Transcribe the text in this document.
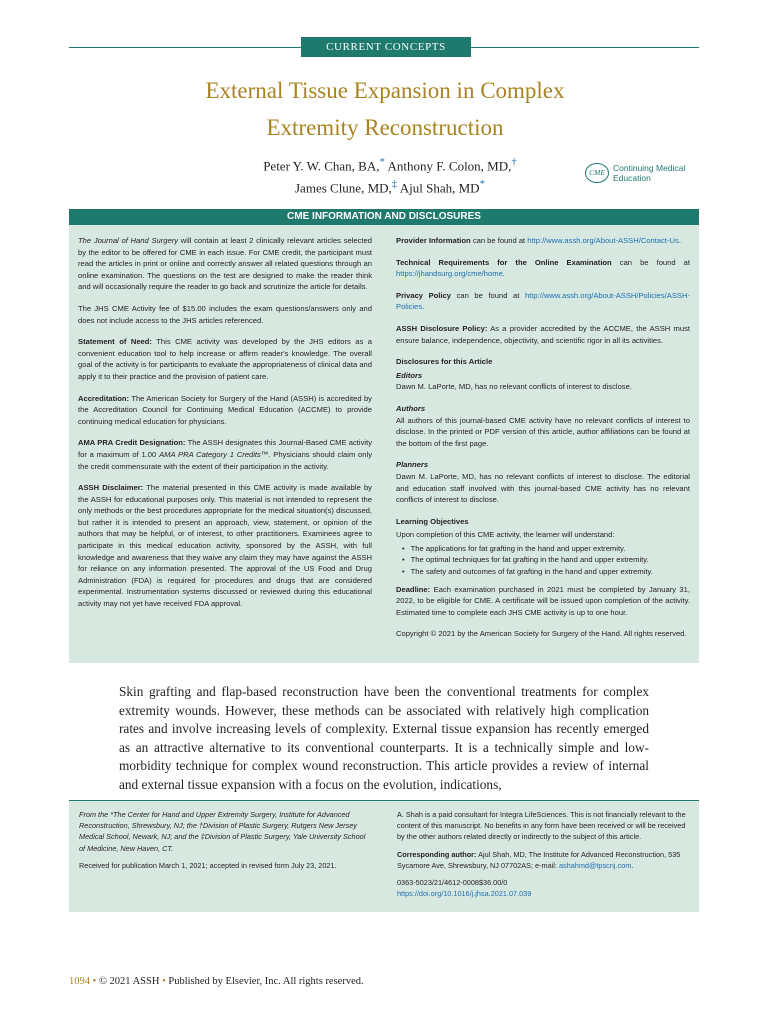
CURRENT CONCEPTS
External Tissue Expansion in Complex
Extremity Reconstruction
Peter Y. W. Chan, BA,* Anthony F. Colon, MD,†
James Clune, MD,‡ Ajul Shah, MD*
CME Continuing Medical
Education
CME INFORMATION AND DISCLOSURES

The Journal of Hand Surgery will contain at least 2 clinically relevant articles selected by the editor to be offered for CME in each issue. For CME credit, the participant must read the articles in print or online and correctly answer all related questions through an online examination. The questions on the test are designed to make the reader think and will occasionally require the reader to go back and scrutinize the article for details.

The JHS CME Activity fee of $15.00 includes the exam questions/answers only and does not include access to the JHS articles referenced.

Statement of Need: This CME activity was developed by the JHS editors as a convenient education tool to help increase or affirm reader's knowledge. The overall goal of the activity is for participants to evaluate the appropriateness of clinical data and apply it to their practice and the provision of patient care.

Accreditation: The American Society for Surgery of the Hand (ASSH) is accredited by the Accreditation Council for Continuing Medical Education (ACCME) to provide continuing medical education for physicians.

AMA PRA Credit Designation: The ASSH designates this Journal-Based CME activity for a maximum of 1.00 AMA PRA Category 1 Credits™. Physicians should claim only the credit commensurate with the extent of their participation in the activity.

ASSH Disclaimer: The material presented in this CME activity is made available by the ASSH for educational purposes only. This material is not intended to represent the only methods or the best procedures appropriate for the medical situation(s) discussed, but rather it is intended to present an approach, view, statement, or opinion of the authors that may be helpful, or of interest, to other practitioners. Examinees agree to participate in this medical education activity, sponsored by the ASSH, with full knowledge and awareness that they waive any claim they may have against the ASSH for reliance on any information presented. The approval of the US Food and Drug Administration (FDA) is required for procedures and drugs that are considered experimental. Instrumentation systems discussed or reviewed during this educational activity may not yet have received FDA approval.

Provider Information can be found at http://www.assh.org/About-ASSH/Contact-Us.

Technical Requirements for the Online Examination can be found at https://jhandsurg.org/cme/home.

Privacy Policy can be found at http://www.assh.org/About-ASSH/Policies/ASSH-Policies.

ASSH Disclosure Policy: As a provider accredited by the ACCME, the ASSH must ensure balance, independence, objectivity, and scientific rigor in all its activities.

Disclosures for this Article
Editors

Dawn M. LaPorte, MD, has no relevant conflicts of interest to disclose.

Authors

All authors of this journal-based CME activity have no relevant conflicts of interest to disclose. In the printed or PDF version of this article, author affiliations can be found at the bottom of the first page.

Planners

Dawn M. LaPorte, MD, has no relevant conflicts of interest to disclose. The editorial and education staff involved with this journal-based CME activity has no relevant conflicts of interest to disclose.

Learning Objectives
Upon completion of this CME activity, the learner will understand:
• The applications for fat grafting in the hand and upper extremity.
• The optimal techniques for fat grafting in the hand and upper extremity.
• The safety and outcomes of fat grafting in the hand and upper extremity.

Deadline: Each examination purchased in 2021 must be completed by January 31, 2022, to be eligible for CME. A certificate will be issued upon completion of the activity. Estimated time to complete each JHS CME activity is up to one hour.

Copyright © 2021 by the American Society for Surgery of the Hand. All rights reserved.

Skin grafting and flap-based reconstruction have been the conventional treatments for complex extremity wounds. However, these methods can be associated with relatively high complication rates and involve increasing levels of complexity. External tissue expansion has recently emerged as an attractive alternative to its conventional counterparts. It is a technically simple and low-morbidity technique for complex wound reconstruction. This article provides a review of internal and external tissue expansion with a focus on the evolution, indications,

From the *The Center for Hand and Upper Extremity Surgery, Institute for Advanced Reconstruction, Shrewsbury, NJ; the †Division of Plastic Surgery, Rutgers New Jersey Medical School, Newark, NJ; and the ‡Division of Plastic Surgery, Yale University School of Medicine, New Haven, CT.

Received for publication March 1, 2021; accepted in revised form July 23, 2021.

A. Shah is a paid consultant for Integra LifeSciences. This is not financially relevant to the content of this manuscript. No benefits in any form have been received or will be received by the other authors related directly or indirectly to the subject of this article.

Corresponding author: Ajul Shah, MD, The Institute for Advanced Reconstruction, 535 Sycamore Ave, Shrewsbury, NJ 07702AS; e-mail: ashahmd@tpscnj.com.

0363-5023/21/4612-0008$36.00/0
https://doi.org/10.1016/j.jhsa.2021.07.039
1094 • © 2021 ASSH • Published by Elsevier, Inc. All rights reserved.
